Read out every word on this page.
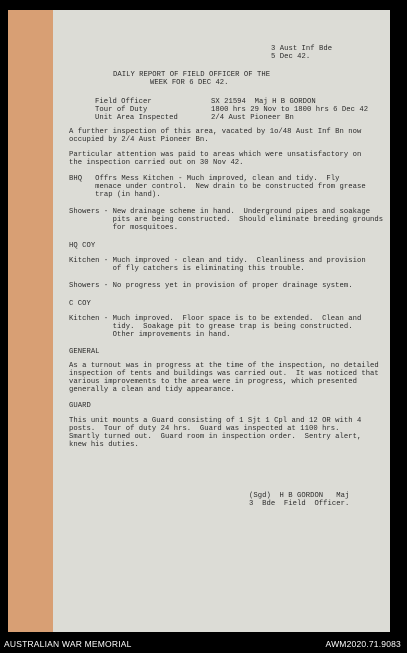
3 Aust Inf Bde
5 Dec 42.
DAILY REPORT OF FIELD OFFICER OF THE
WEEK FOR 6 DEC 42.
Field Officer	SX 21594  Maj H B GORDON
Tour of Duty	1800 hrs 29 Nov to 1800 hrs 6 Dec 42
Unit Area Inspected	2/4 Aust Pioneer Bn
A further inspection of this area, vacated by 1o/48 Aust Inf Bn now
occupied by 2/4 Aust Pioneer Bn.
Particular attention was paid to areas which were unsatisfactory on
the inspection carried out on 30 Nov 42.
BHQ   Offrs Mess Kitchen - Much improved, clean and tidy.  Fly
menace under control.  New drain to be constructed from grease
trap (in hand).
Showers - New drainage scheme in hand.  Underground pipes and soakage
pits are being constructed.  Should eliminate breeding grounds
for mosquitoes.
HQ COY
Kitchen - Much improved - clean and tidy.  Cleanliness and provision
of fly catchers is eliminating this trouble.
Showers - No progress yet in provision of proper drainage system.
C COY
Kitchen - Much improved.  Floor space is to be extended.  Clean and
tidy.  Soakage pit to grease trap is being constructed.
Other improvements in hand.
GENERAL
As a turnout was in progress at the time of the inspection, no detailed
inspection of tents and buildings was carried out.  It was noticed that
various improvements to the area were in progress, which presented
generally a clean and tidy appearance.
GUARD
This unit mounts a Guard consisting of 1 Sjt 1 Cpl and 12 OR with 4
posts.  Tour of duty 24 hrs.  Guard was inspected at 1100 hrs.
Smartly turned out.  Guard room in inspection order.  Sentry alert,
knew his duties.
(Sgd)  H B GORDON   Maj
3  Bde  Field  Officer.
AUSTRALIAN WAR MEMORIAL	AWM2020.71.9083
